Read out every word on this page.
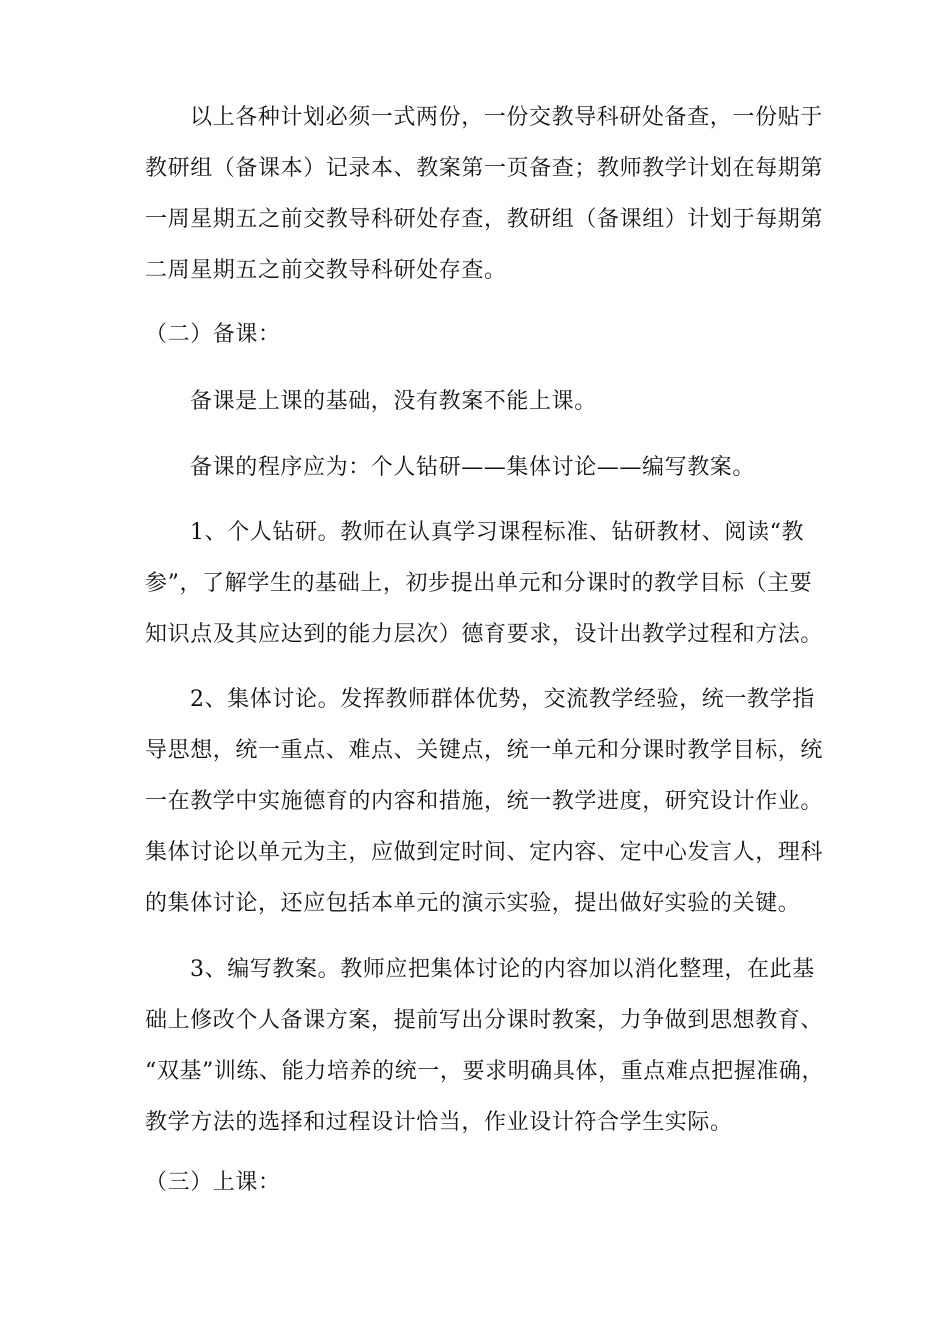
以上各种计划必须一式两份，一份交教导科研处备查，一份贴于
教研组（备课本）记录本、教案第一页备查；教师教学计划在每期第
一周星期五之前交教导科研处存查，教研组（备课组）计划于每期第
二周星期五之前交教导科研处存查。
（二）备课：
备课是上课的基础，没有教案不能上课。
备课的程序应为：个人钻研——集体讨论——编写教案。
1、个人钻研。教师在认真学习课程标准、钻研教材、阅读“教
参”，了解学生的基础上，初步提出单元和分课时的教学目标（主要
知识点及其应达到的能力层次）德育要求，设计出教学过程和方法。
2、集体讨论。发挥教师群体优势，交流教学经验，统一教学指
导思想，统一重点、难点、关键点，统一单元和分课时教学目标，统
一在教学中实施德育的内容和措施，统一教学进度，研究设计作业。
集体讨论以单元为主，应做到定时间、定内容、定中心发言人，理科
的集体讨论，还应包括本单元的演示实验，提出做好实验的关键。
3、编写教案。教师应把集体讨论的内容加以消化整理，在此基
础上修改个人备课方案，提前写出分课时教案，力争做到思想教育、
“双基”训练、能力培养的统一，要求明确具体，重点难点把握准确，
教学方法的选择和过程设计恰当，作业设计符合学生实际。
（三）上课：
